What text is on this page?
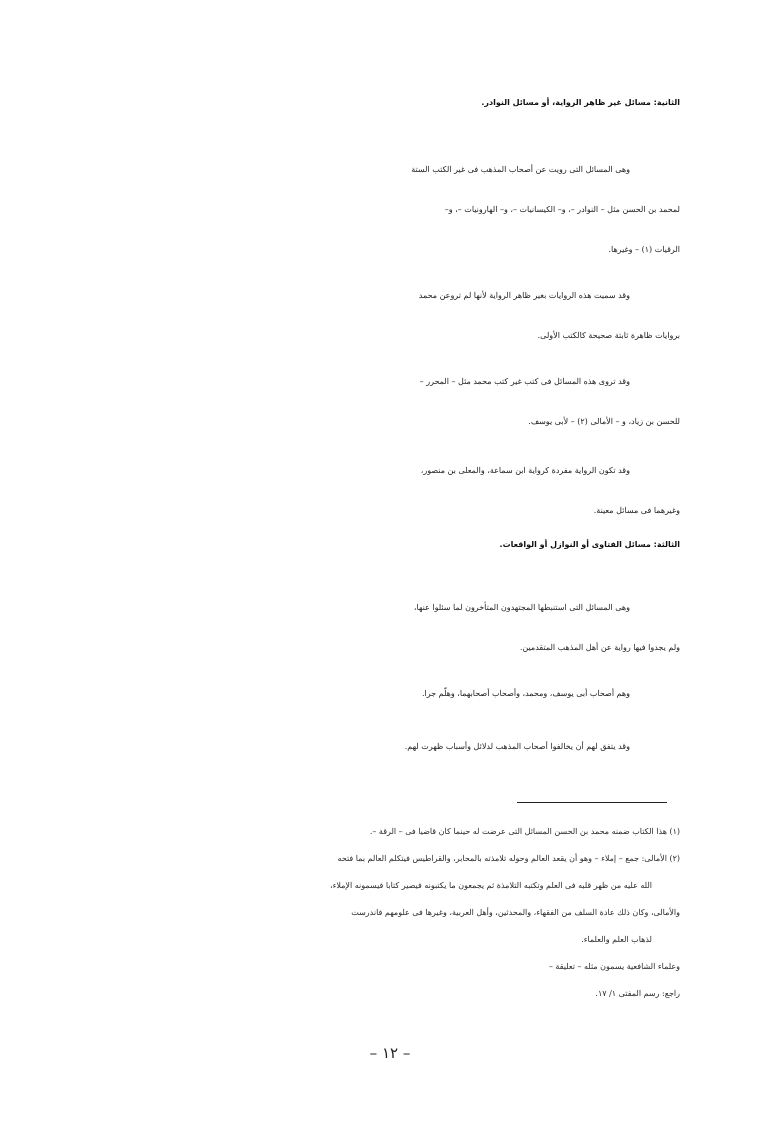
الثانية: مسائل غير ظاهر الرواية، أو مسائل النوادر.
وهى المسائل التى رويت عن أصحاب المذهب فى غير الكتب الستة
لمحمد بن الحسن مثل – النوادر –، و– الكيسانيات –، و– الهارونيات –، و–
الرقيات (١) – وغيرها.
وقد سميت هذه الروايات بغير ظاهر الرواية لأنها لم تروعن محمد
بروايات ظاهرة ثابتة صحيحة كالكتب الأولى.
وقد تروى هذه المسائل فى كتب غير كتب محمد مثل – المحرر –
للحسن بن زياد، و – الأمالى (٢) – لأبى يوسف.
وقد تكون الرواية مفردة كرواية ابن سماعة، والمعلى بن منصور،
وغيرهما فى مسائل معينة.
الثالثة: مسائل الفتاوى أو النوازل أو الواقعات.
وهى المسائل التى استنبطها المجتهدون المتأخرون لما سئلوا عنها،
ولم يجدوا فيها رواية عن أهل المذهب المتقدمين.
وهم أصحاب أبى يوسف، ومحمد، وأصحاب أصحابهما، وهلّم جرا.
وقد يتفق لهم أن يخالفوا أصحاب المذهب لدلائل وأسباب ظهرت لهم.
(١) هذا الكتاب ضمنه محمد بن الحسن المسائل التى عرضت له حينما كان قاضيا فى – الرقة –.
(٢) الأمالى: جمع – إملاء – وهو أن يقعد العالم وحوله تلامذته بالمحابر، والقراطيس فيتكلم العالم بما فتحه
الله عليه من ظهر قلبه فى العلم وتكتبه التلامذة ثم يجمعون ما يكتبونه فيصير كتابا فيسمونه الإملاء،
والأمالى، وكان ذلك عادة السلف من الفقهاء، والمحدثين، وأهل العربية، وغيرها فى علومهم فاندرست
لذهاب العلم والعلماء.
وعلماء الشافعية يسمون مثله – تعليقة –
راجع: رسم المفتى ١/ ١٧.
– ١٢ –
